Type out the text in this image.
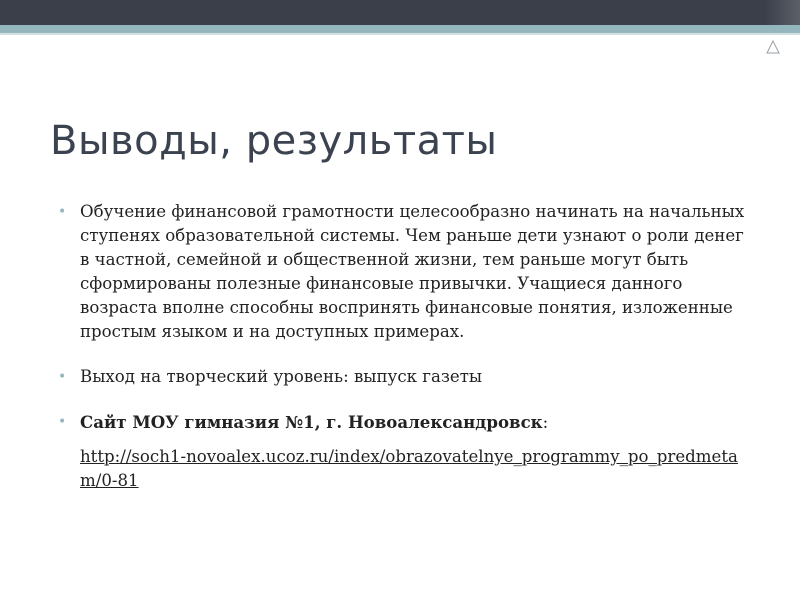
Выводы, результаты
• Обучение финансовой грамотности целесообразно начинать на начальных ступенях образовательной системы. Чем раньше дети узнают о роли денег в частной, семейной и общественной жизни, тем раньше могут быть сформированы полезные финансовые привычки. Учащиеся данного возраста вполне способны воспринять финансовые понятия, изложенные простым языком и на доступных примерах.
• Выход на творческий уровень: выпуск газеты
• Сайт МОУ гимназия №1, г. Новоалександровск:
http://soch1-novoalex.ucoz.ru/index/obrazovatelnye_programmy_po_predmetam/0-81
